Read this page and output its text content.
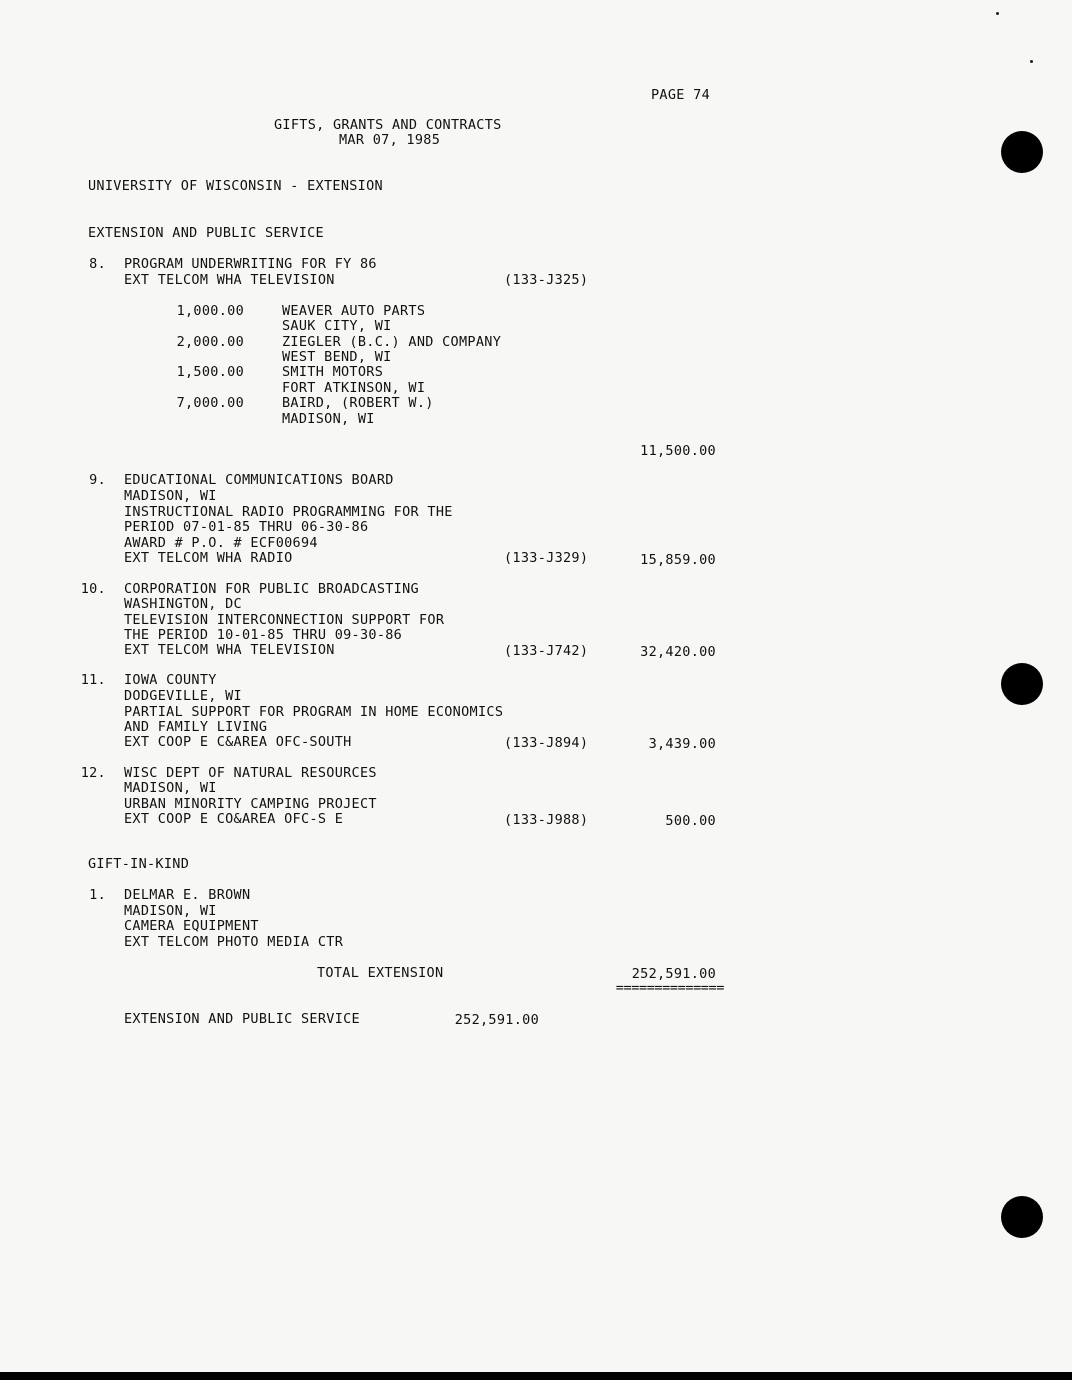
PAGE 74

GIFTS, GRANTS AND CONTRACTS

MAR 07, 1985

UNIVERSITY OF WISCONSIN - EXTENSION

EXTENSION AND PUBLIC SERVICE

8. PROGRAM UNDERWRITING FOR FY 86

EXT TELCOM WHA TELEVISION	(133-J325)

1,000.00	WEAVER AUTO PARTS

SAUK CITY, WI

2,000.00	ZIEGLER (B.C.) AND COMPANY

WEST BEND, WI

1,500.00	SMITH MOTORS

FORT ATKINSON, WI

7,000.00	BAIRD, (ROBERT W.)

MADISON, WI

11,500.00

9. EDUCATIONAL COMMUNICATIONS BOARD

MADISON, WI

INSTRUCTIONAL RADIO PROGRAMMING FOR THE

PERIOD 07-01-85 THRU 06-30-86

AWARD # P.O. # ECF00694

EXT TELCOM WHA RADIO	(133-J329)	15,859.00

10. CORPORATION FOR PUBLIC BROADCASTING

WASHINGTON, DC

TELEVISION INTERCONNECTION SUPPORT FOR

THE PERIOD 10-01-85 THRU 09-30-86

EXT TELCOM WHA TELEVISION	(133-J742)	32,420.00

11. IOWA COUNTY

DODGEVILLE, WI

PARTIAL SUPPORT FOR PROGRAM IN HOME ECONOMICS

AND FAMILY LIVING

EXT COOP E C&AREA OFC-SOUTH	(133-J894)	3,439.00

12. WISC DEPT OF NATURAL RESOURCES

MADISON, WI

URBAN MINORITY CAMPING PROJECT

EXT COOP E CO&AREA OFC-S E	(133-J988)	500.00

GIFT-IN-KIND

1. DELMAR E. BROWN

MADISON, WI

CAMERA EQUIPMENT

EXT TELCOM PHOTO MEDIA CTR

TOTAL EXTENSION	252,591.00

==============

EXTENSION AND PUBLIC SERVICE	252,591.00
